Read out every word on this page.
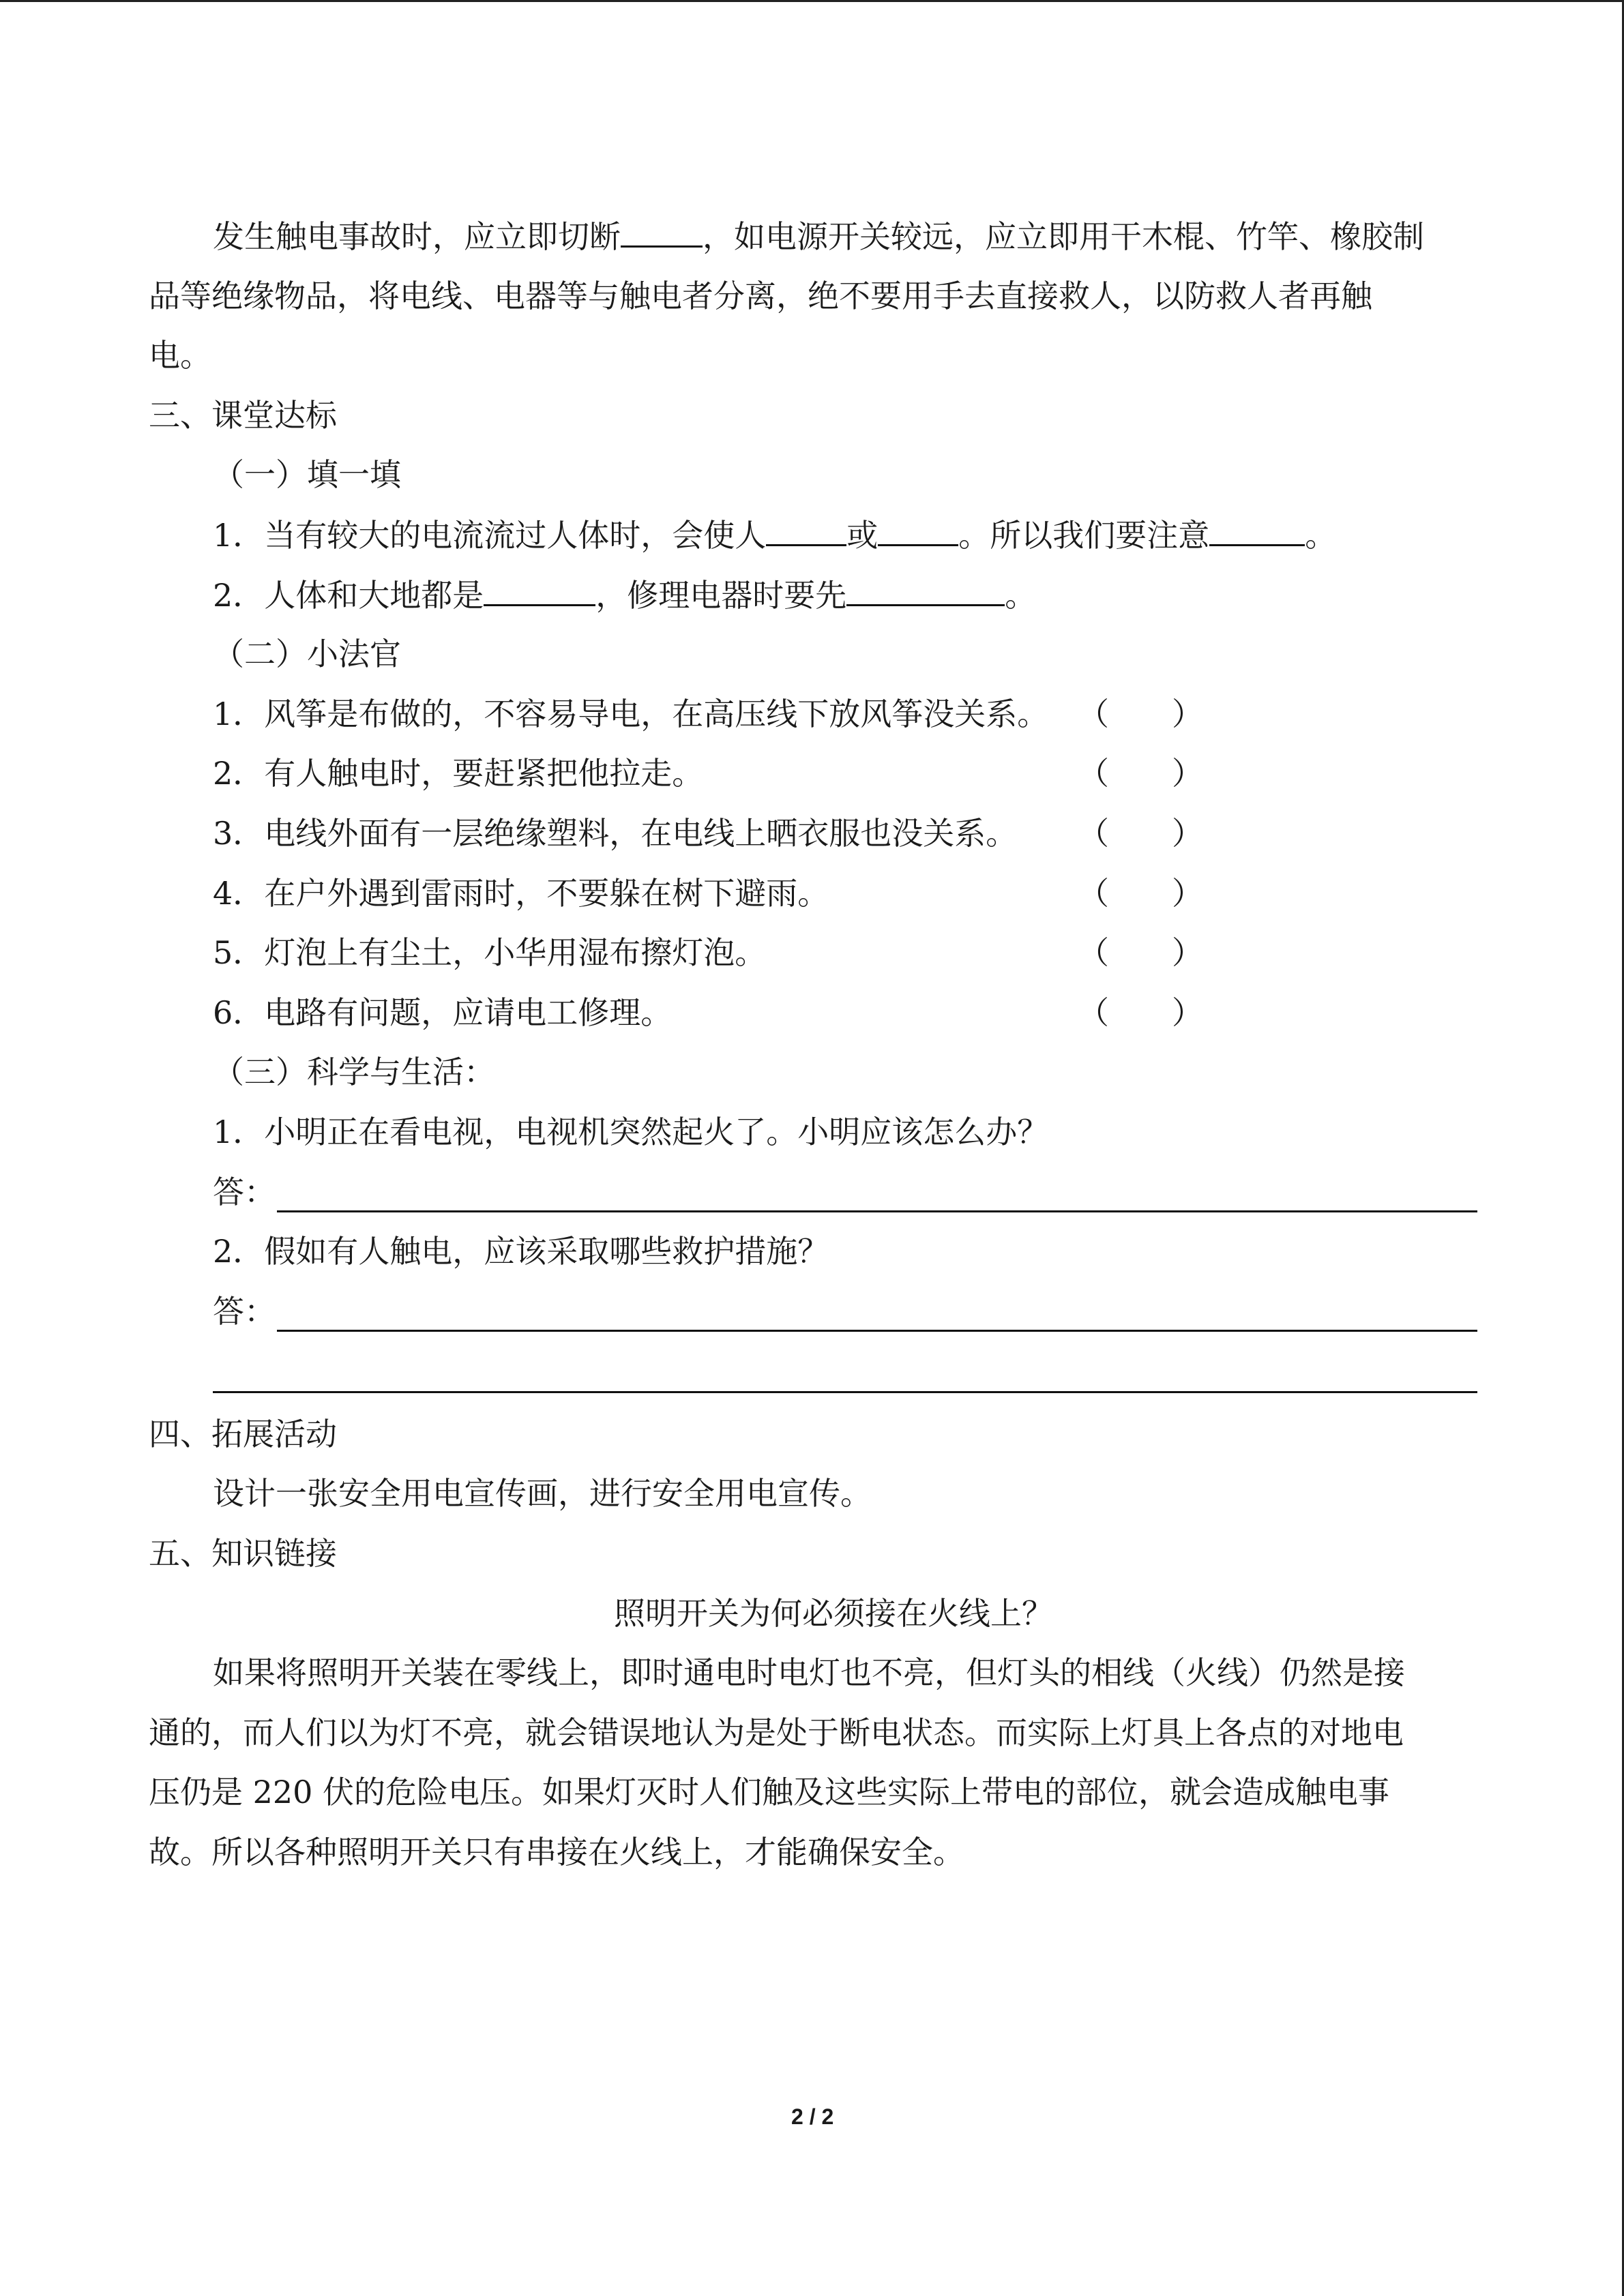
发生触电事故时，应立即切断	，如电源开关较远，应立即用干木棍、竹竿、橡胶制
品等绝缘物品，将电线、电器等与触电者分离，绝不要用手去直接救人，以防救人者再触
电。
三、课堂达标
（一）填一填
1．当有较大的电流流过人体时，会使人	或	。所以我们要注意	。
2．人体和大地都是	，修理电器时要先	。
（二）小法官
1．风筝是布做的，不容易导电，在高压线下放风筝没关系。 （　　）
2．有人触电时，要赶紧把他拉走。	（　　）
3．电线外面有一层绝缘塑料，在电线上晒衣服也没关系。 （　　）
4．在户外遇到雷雨时，不要躲在树下避雨。	（　　）
5．灯泡上有尘土，小华用湿布擦灯泡。	（　　）
6．电路有问题，应请电工修理。	（　　）
（三）科学与生活：
1．小明正在看电视，电视机突然起火了。小明应该怎么办？
答：
2．假如有人触电，应该采取哪些救护措施？
答：
四、拓展活动
设计一张安全用电宣传画，进行安全用电宣传。
五、知识链接
照明开关为何必须接在火线上？
如果将照明开关装在零线上，即时通电时电灯也不亮，但灯头的相线（火线）仍然是接
通的，而人们以为灯不亮，就会错误地认为是处于断电状态。而实际上灯具上各点的对地电
压仍是 220 伏的危险电压。如果灯灭时人们触及这些实际上带电的部位，就会造成触电事
故。所以各种照明开关只有串接在火线上，才能确保安全。
2 / 2
